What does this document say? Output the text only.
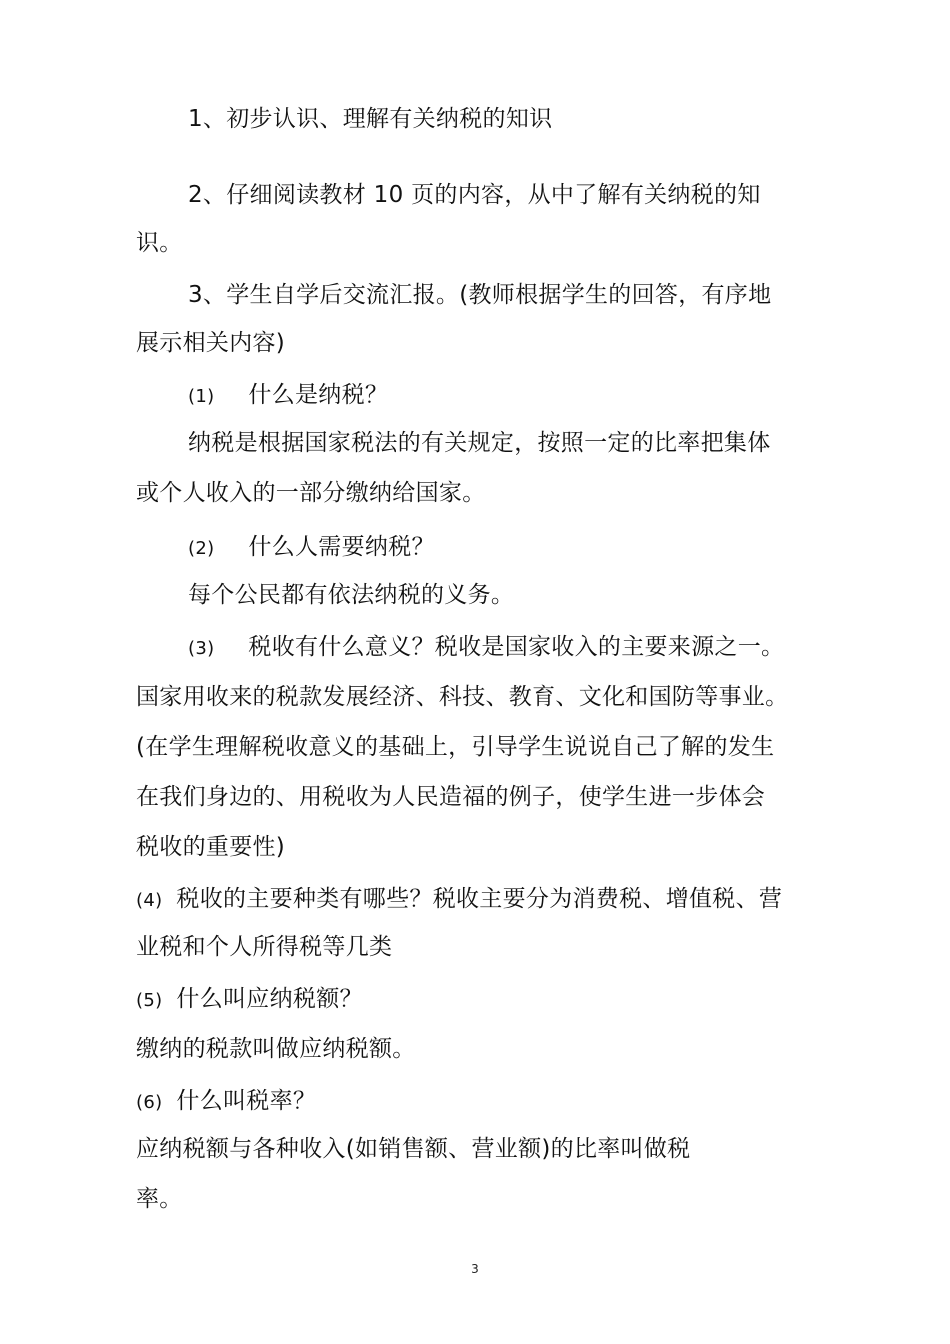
1、初步认识、理解有关纳税的知识
2、仔细阅读教材 10 页的内容，从中了解有关纳税的知
识。
3、学生自学后交流汇报。(教师根据学生的回答，有序地
展示相关内容)
(1) 什么是纳税？
纳税是根据国家税法的有关规定，按照一定的比率把集体
或个人收入的一部分缴纳给国家。
(2) 什么人需要纳税？
每个公民都有依法纳税的义务。
(3) 税收有什么意义？税收是国家收入的主要来源之一。
国家用收来的税款发展经济、科技、教育、文化和国防等事业。
(在学生理解税收意义的基础上，引导学生说说自己了解的发生
在我们身边的、用税收为人民造福的例子，使学生进一步体会
税收的重要性)
(4) 税收的主要种类有哪些？税收主要分为消费税、增值税、营
业税和个人所得税等几类
(5) 什么叫应纳税额？
缴纳的税款叫做应纳税额。
(6) 什么叫税率？
应纳税额与各种收入(如销售额、营业额)的比率叫做税
率。
3
